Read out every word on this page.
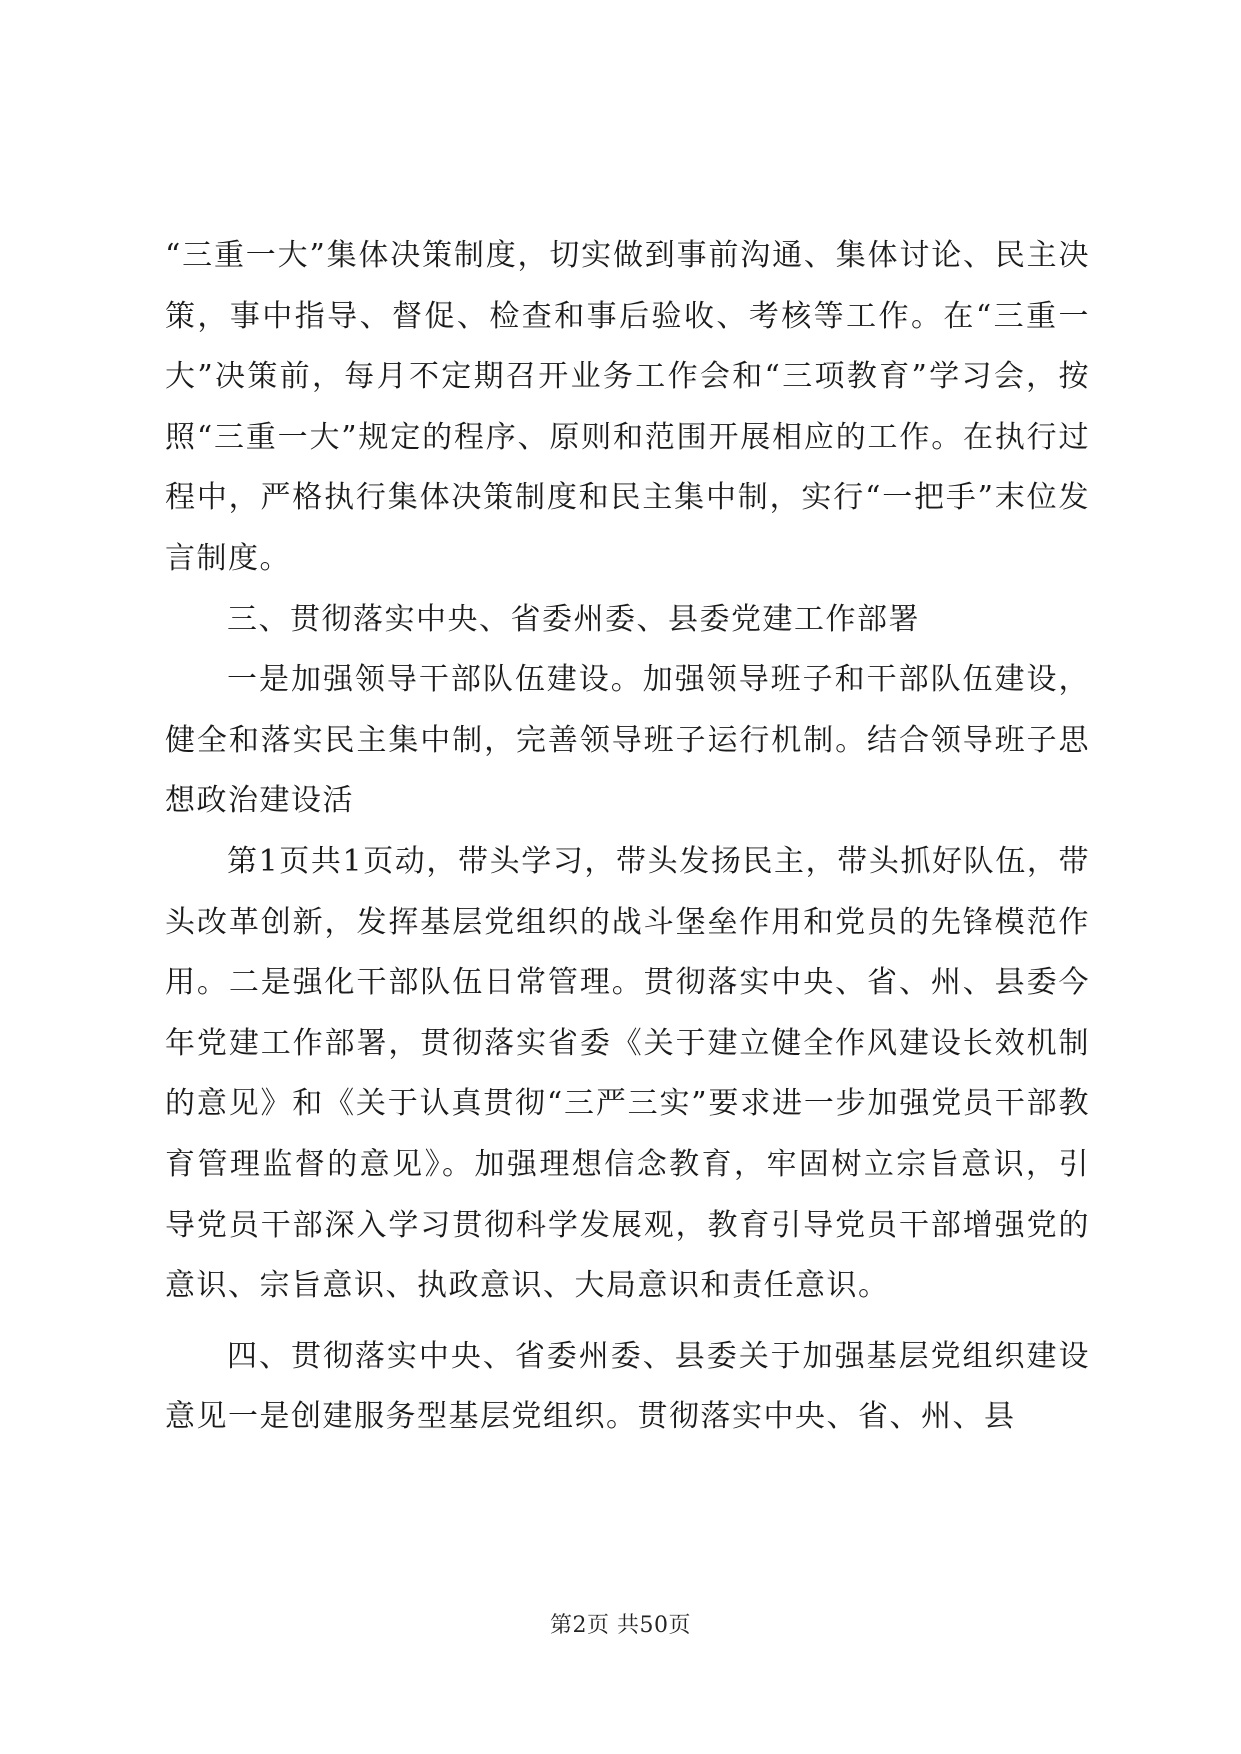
“三重一大”集体决策制度，切实做到事前沟通、集体讨论、民主决策，事中指导、督促、检查和事后验收、考核等工作。在“三重一大”决策前，每月不定期召开业务工作会和“三项教育”学习会，按照“三重一大”规定的程序、原则和范围开展相应的工作。在执行过程中，严格执行集体决策制度和民主集中制，实行“一把手”末位发言制度。

三、贯彻落实中央、省委州委、县委党建工作部署

一是加强领导干部队伍建设。加强领导班子和干部队伍建设，健全和落实民主集中制，完善领导班子运行机制。结合领导班子思想政治建设活

第1页共1页动，带头学习，带头发扬民主，带头抓好队伍，带头改革创新，发挥基层党组织的战斗堡垒作用和党员的先锋模范作用。二是强化干部队伍日常管理。贯彻落实中央、省、州、县委今年党建工作部署，贯彻落实省委《关于建立健全作风建设长效机制的意见》和《关于认真贯彻“三严三实”要求进一步加强党员干部教育管理监督的意见》。加强理想信念教育，牢固树立宗旨意识，引导党员干部深入学习贯彻科学发展观，教育引导党员干部增强党的意识、宗旨意识、执政意识、大局意识和责任意识。

四、贯彻落实中央、省委州委、县委关于加强基层党组织建设意见一是创建服务型基层党组织。贯彻落实中央、省、州、县

第2页 共50页
